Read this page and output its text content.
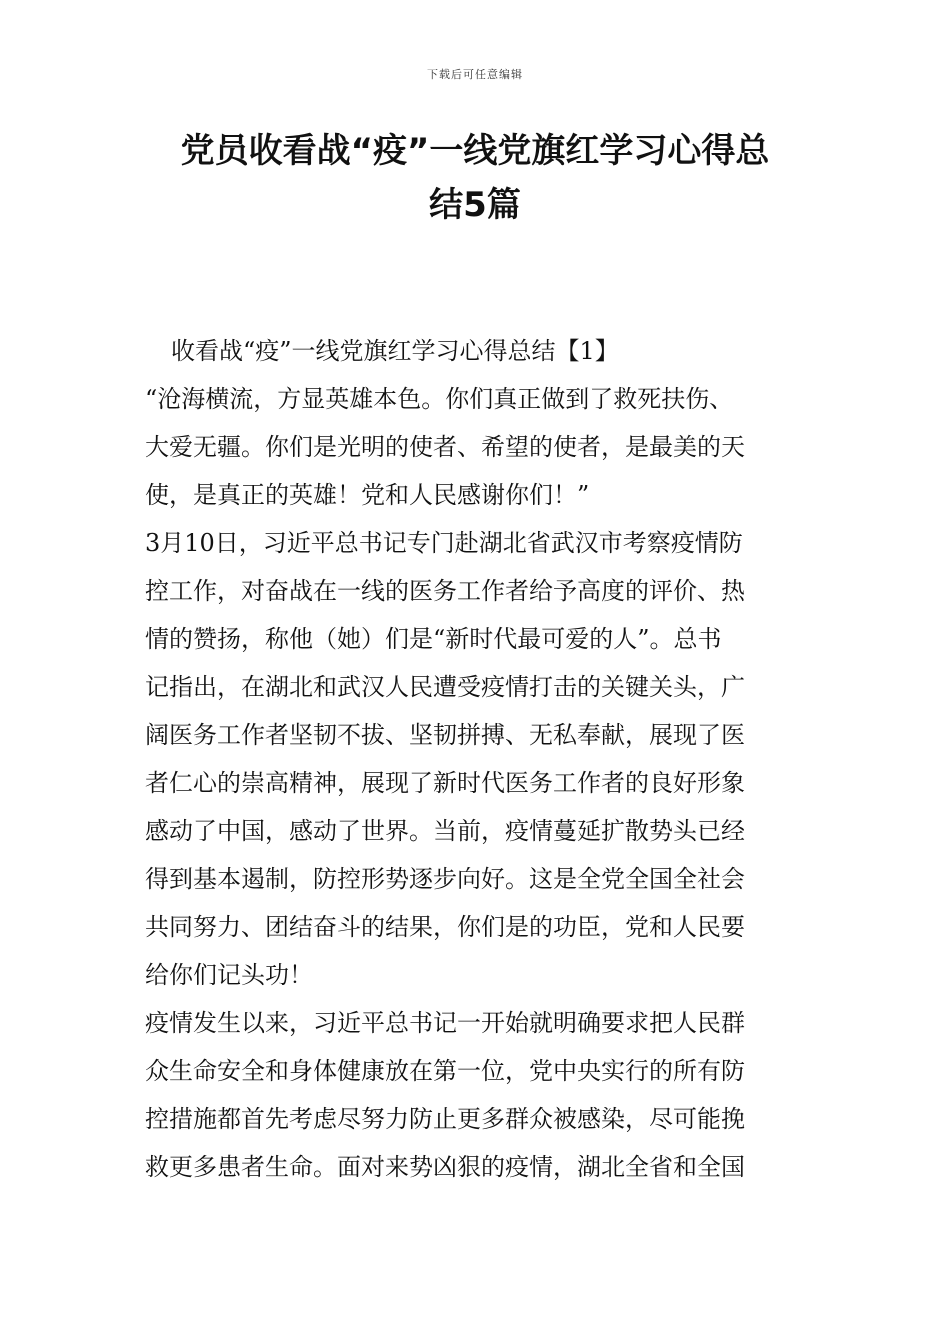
下载后可任意编辑
党员收看战“疫”一线党旗红学习心得总
结5篇
收看战“疫”一线党旗红学习心得总结【1】
“沧海横流，方显英雄本色。你们真正做到了救死扶伤、
大爱无疆。你们是光明的使者、希望的使者，是最美的天
使，是真正的英雄！党和人民感谢你们！”
3月10日，习近平总书记专门赴湖北省武汉市考察疫情防
控工作，对奋战在一线的医务工作者给予高度的评价、热
情的赞扬，称他（她）们是“新时代最可爱的人”。总书
记指出，在湖北和武汉人民遭受疫情打击的关键关头，广
阔医务工作者坚韧不拔、坚韧拼搏、无私奉献，展现了医
者仁心的崇高精神，展现了新时代医务工作者的良好形象
感动了中国，感动了世界。当前，疫情蔓延扩散势头已经
得到基本遏制，防控形势逐步向好。这是全党全国全社会
共同努力、团结奋斗的结果，你们是的功臣，党和人民要
给你们记头功！
疫情发生以来，习近平总书记一开始就明确要求把人民群
众生命安全和身体健康放在第一位，党中央实行的所有防
控措施都首先考虑尽努力防止更多群众被感染，尽可能挽
救更多患者生命。面对来势凶狠的疫情，湖北全省和全国
